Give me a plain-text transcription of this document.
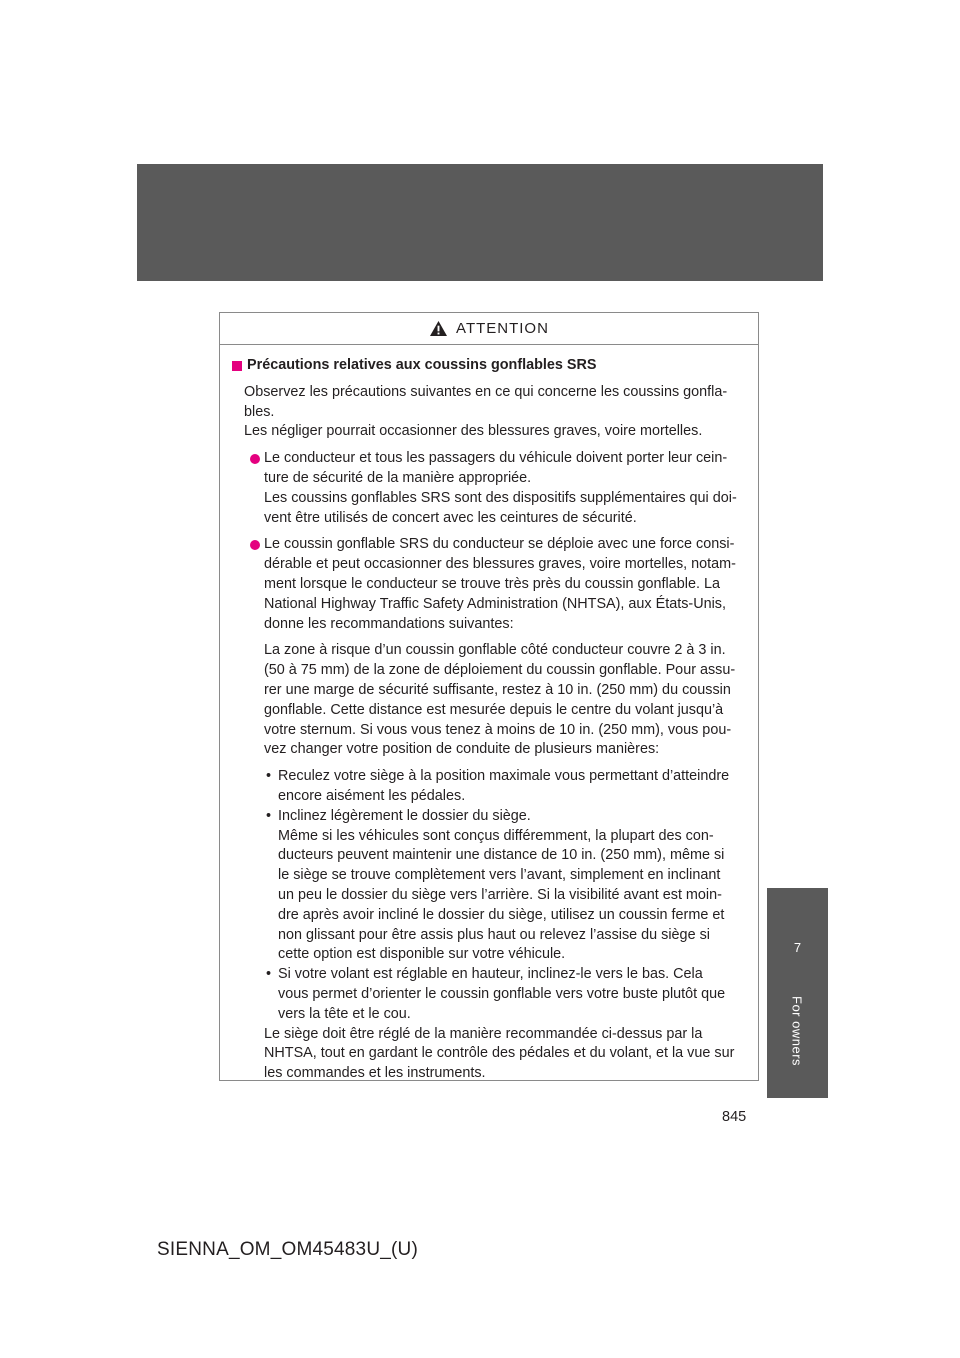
7
For owners
ATTENTION
Précautions relatives aux coussins gonflables SRS
Observez les précautions suivantes en ce qui concerne les coussins gonfla-
bles.
Les négliger pourrait occasionner des blessures graves, voire mortelles.
Le conducteur et tous les passagers du véhicule doivent porter leur cein-
ture de sécurité de la manière appropriée.
Les coussins gonflables SRS sont des dispositifs supplémentaires qui doi-
vent être utilisés de concert avec les ceintures de sécurité.
Le coussin gonflable SRS du conducteur se déploie avec une force consi-
dérable et peut occasionner des blessures graves, voire mortelles, notam-
ment lorsque le conducteur se trouve très près du coussin gonflable. La
National Highway Traffic Safety Administration (NHTSA), aux États-Unis,
donne les recommandations suivantes:
La zone à risque d’un coussin gonflable côté conducteur couvre 2 à 3 in.
(50 à 75 mm) de la zone de déploiement du coussin gonflable. Pour assu-
rer une marge de sécurité suffisante, restez à 10 in. (250 mm) du coussin
gonflable. Cette distance est mesurée depuis le centre du volant jusqu’à
votre sternum. Si vous vous tenez à moins de 10 in. (250 mm), vous pou-
vez changer votre position de conduite de plusieurs manières:
• Reculez votre siège à la position maximale vous permettant d’atteindre
encore aisément les pédales.
• Inclinez légèrement le dossier du siège.
Même si les véhicules sont conçus différemment, la plupart des con-
ducteurs peuvent maintenir une distance de 10 in. (250 mm), même si
le siège se trouve complètement vers l’avant, simplement en inclinant
un peu le dossier du siège vers l’arrière. Si la visibilité avant est moin-
dre après avoir incliné le dossier du siège, utilisez un coussin ferme et
non glissant pour être assis plus haut ou relevez l’assise du siège si
cette option est disponible sur votre véhicule.
• Si votre volant est réglable en hauteur, inclinez-le vers le bas. Cela
vous permet d’orienter le coussin gonflable vers votre buste plutôt que
vers la tête et le cou.
Le siège doit être réglé de la manière recommandée ci-dessus par la
NHTSA, tout en gardant le contrôle des pédales et du volant, et la vue sur
les commandes et les instruments.
845
SIENNA_OM_OM45483U_(U)
